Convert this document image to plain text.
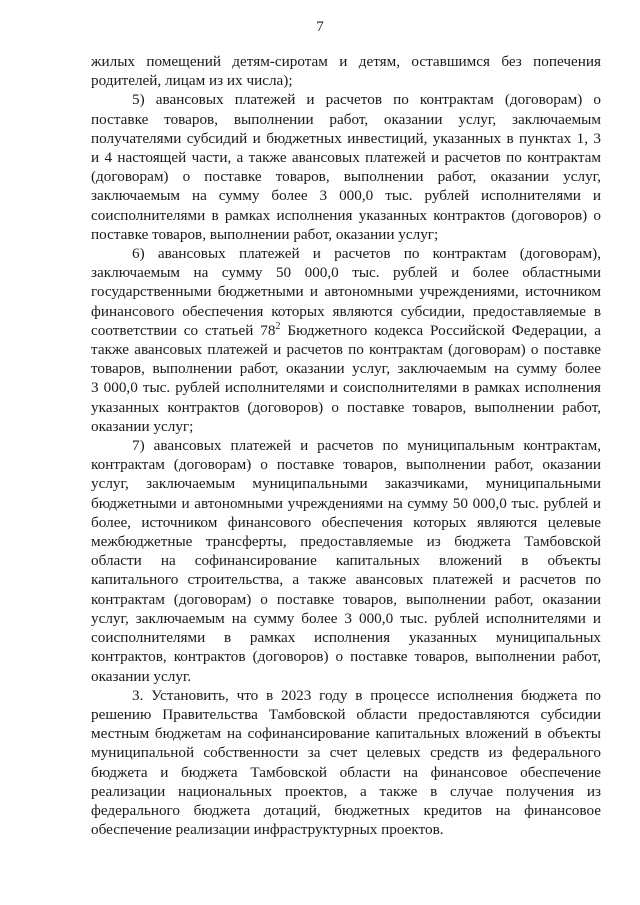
7
жилых помещений детям-сиротам и детям, оставшимся без попечения
родителей, лицам из их числа);
5) авансовых платежей и расчетов по контрактам (договорам) о
поставке товаров, выполнении работ, оказании услуг, заключаемым
получателями субсидий и бюджетных инвестиций, указанных в пунктах 1, 3
и 4 настоящей части, а также авансовых платежей и расчетов по контрактам
(договорам) о поставке товаров, выполнении работ, оказании услуг,
заключаемым на сумму более 3 000,0 тыс. рублей исполнителями и
соисполнителями в рамках исполнения указанных контрактов (договоров) о
поставке товаров, выполнении работ, оказании услуг;
6) авансовых платежей и расчетов по контрактам (договорам),
заключаемым на сумму 50 000,0 тыс. рублей и более областными
государственными бюджетными и автономными учреждениями, источником
финансового обеспечения которых являются субсидии, предоставляемые в
соответствии со статьей $78^2$ Бюджетного кодекса Российской Федерации, а
также авансовых платежей и расчетов по контрактам (договорам) о поставке
товаров, выполнении работ, оказании услуг, заключаемым на сумму более
3 000,0 тыс. рублей исполнителями и соисполнителями в рамках исполнения
указанных контрактов (договоров) о поставке товаров, выполнении работ,
оказании услуг;
7) авансовых платежей и расчетов по муниципальным контрактам,
контрактам (договорам) о поставке товаров, выполнении работ, оказании
услуг, заключаемым муниципальными заказчиками, муниципальными
бюджетными и автономными учреждениями на сумму 50 000,0 тыс. рублей и
более, источником финансового обеспечения которых являются целевые
межбюджетные трансферты, предоставляемые из бюджета Тамбовской
области на софинансирование капитальных вложений в объекты
капитального строительства, а также авансовых платежей и расчетов по
контрактам (договорам) о поставке товаров, выполнении работ, оказании
услуг, заключаемым на сумму более 3 000,0 тыс. рублей исполнителями и
соисполнителями в рамках исполнения указанных муниципальных
контрактов, контрактов (договоров) о поставке товаров, выполнении работ,
оказании услуг.
3. Установить, что в 2023 году в процессе исполнения бюджета по
решению Правительства Тамбовской области предоставляются субсидии
местным бюджетам на софинансирование капитальных вложений в объекты
муниципальной собственности за счет целевых средств из федерального
бюджета и бюджета Тамбовской области на финансовое обеспечение
реализации национальных проектов, а также в случае получения из
федерального бюджета дотаций, бюджетных кредитов на финансовое
обеспечение реализации инфраструктурных проектов.
